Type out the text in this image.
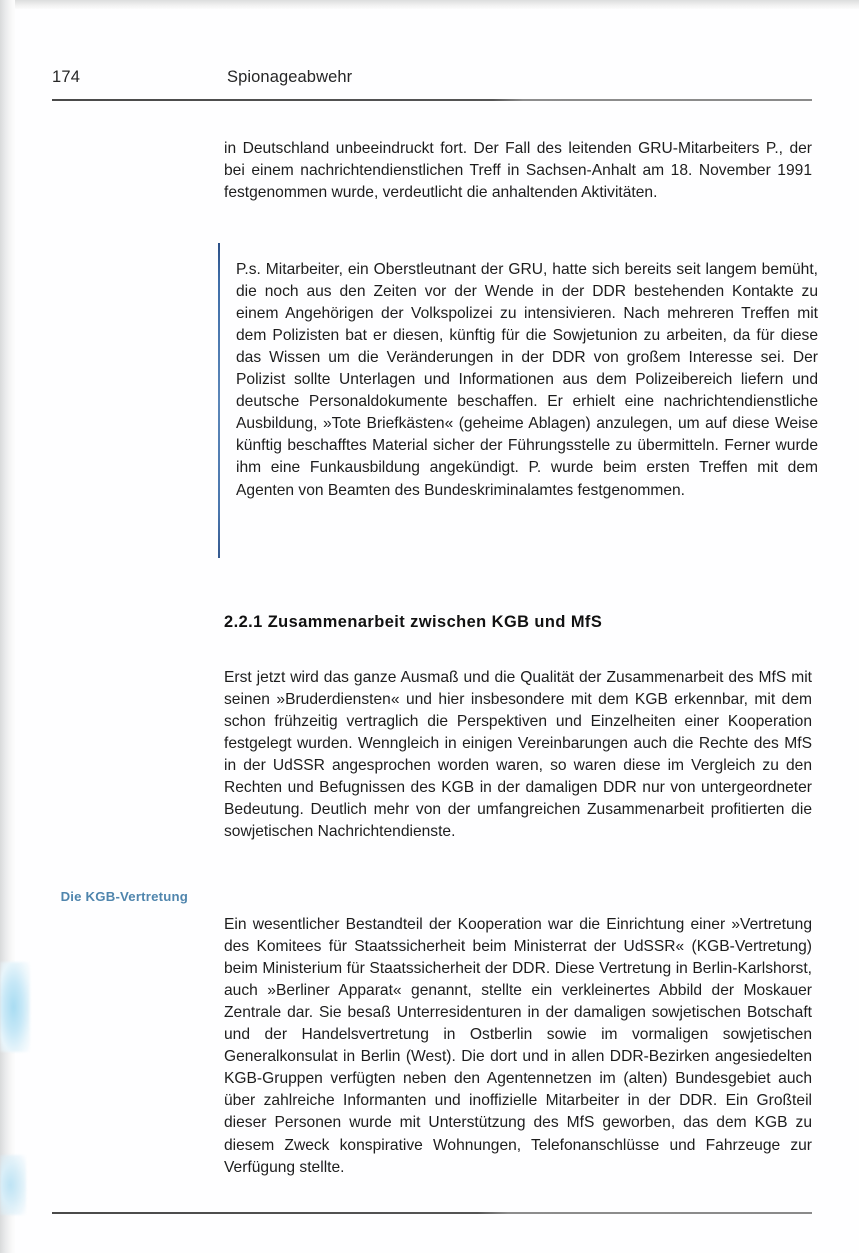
174	Spionageabwehr

in Deutschland unbeeindruckt fort. Der Fall des leitenden GRU-Mitarbeiters P., der bei einem nachrichtendienstlichen Treff in Sachsen-Anhalt am 18. November 1991 festgenommen wurde, verdeutlicht die anhaltenden Aktivitäten.

P.s. Mitarbeiter, ein Oberstleutnant der GRU, hatte sich bereits seit langem bemüht, die noch aus den Zeiten vor der Wende in der DDR bestehenden Kontakte zu einem Angehörigen der Volkspolizei zu intensivieren. Nach mehreren Treffen mit dem Polizisten bat er diesen, künftig für die Sowjetunion zu arbeiten, da für diese das Wissen um die Veränderungen in der DDR von großem Interesse sei. Der Polizist sollte Unterlagen und Informationen aus dem Polizeibereich liefern und deutsche Personaldokumente beschaffen. Er erhielt eine nachrichtendienstliche Ausbildung, »Tote Briefkästen« (geheime Ablagen) anzulegen, um auf diese Weise künftig beschafftes Material sicher der Führungsstelle zu übermitteln. Ferner wurde ihm eine Funkausbildung angekündigt. P. wurde beim ersten Treffen mit dem Agenten von Beamten des Bundeskriminalamtes festgenommen.

2.2.1 Zusammenarbeit zwischen KGB und MfS

Erst jetzt wird das ganze Ausmaß und die Qualität der Zusammenarbeit des MfS mit seinen »Bruderdiensten« und hier insbesondere mit dem KGB erkennbar, mit dem schon frühzeitig vertraglich die Perspektiven und Einzelheiten einer Kooperation festgelegt wurden. Wenngleich in einigen Vereinbarungen auch die Rechte des MfS in der UdSSR angesprochen worden waren, so waren diese im Vergleich zu den Rechten und Befugnissen des KGB in der damaligen DDR nur von untergeordneter Bedeutung. Deutlich mehr von der umfangreichen Zusammenarbeit profitierten die sowjetischen Nachrichtendienste.

Die KGB-Vertretung

Ein wesentlicher Bestandteil der Kooperation war die Einrichtung einer »Vertretung des Komitees für Staatssicherheit beim Ministerrat der UdSSR« (KGB-Vertretung) beim Ministerium für Staatssicherheit der DDR. Diese Vertretung in Berlin-Karlshorst, auch »Berliner Apparat« genannt, stellte ein verkleinertes Abbild der Moskauer Zentrale dar. Sie besaß Unterresidenturen in der damaligen sowjetischen Botschaft und der Handelsvertretung in Ostberlin sowie im vormaligen sowjetischen Generalkonsulat in Berlin (West). Die dort und in allen DDR-Bezirken angesiedelten KGB-Gruppen verfügten neben den Agentennetzen im (alten) Bundesgebiet auch über zahlreiche Informanten und inoffizielle Mitarbeiter in der DDR. Ein Großteil dieser Personen wurde mit Unterstützung des MfS geworben, das dem KGB zu diesem Zweck konspirative Wohnungen, Telefonanschlüsse und Fahrzeuge zur Verfügung stellte.
